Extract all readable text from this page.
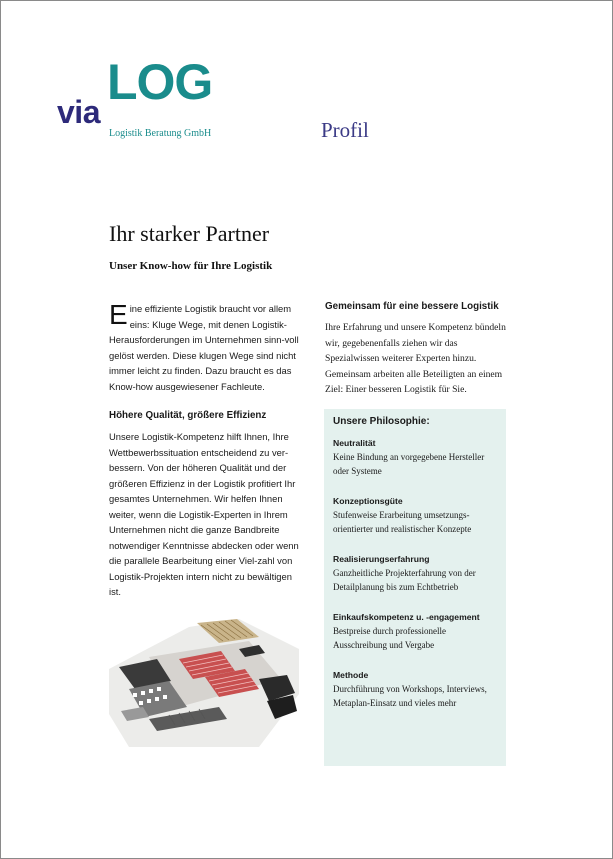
LOG
via
Logistik Beratung GmbH	Profil
Ihr starker Partner
Unser Know-how für Ihre Logistik

Eine effiziente Logistik braucht vor allem eins: Kluge Wege, mit denen Logistik-Herausforderungen im Unternehmen sinn-voll gelöst werden. Diese klugen Wege sind nicht immer leicht zu finden. Dazu braucht es das Know-how ausgewiesener Fachleute.

Höhere Qualität, größere Effizienz

Unsere Logistik-Kompetenz hilft Ihnen, Ihre Wettbewerbssituation entscheidend zu ver-bessern. Von der höheren Qualität und der größeren Effizienz in der Logistik profitiert Ihr gesamtes Unternehmen. Wir helfen Ihnen weiter, wenn die Logistik-Experten in Ihrem Unternehmen nicht die ganze Bandbreite notwendiger Kenntnisse abdecken oder wenn die parallele Bearbeitung einer Viel-zahl von Logistik-Projekten intern nicht zu bewältigen ist.

Gemeinsam für eine bessere Logistik

Ihre Erfahrung und unsere Kompetenz bündeln wir, gegebenenfalls ziehen wir das Spezialwissen weiterer Experten hinzu.

Gemeinsam arbeiten alle Beteiligten an einem Ziel: Einer besseren Logistik für Sie.

Unsere Philosophie:

Neutralität

Keine Bindung an vorgegebene Hersteller oder Systeme

Konzeptionsgüte

Stufenweise Erarbeitung umsetzungs-orientierter und realistischer Konzepte

Realisierungserfahrung

Ganzheitliche Projekterfahrung von der Detailplanung bis zum Echtbetrieb

Einkaufskompetenz u. -engagement

Bestpreise durch professionelle Ausschreibung und Vergabe

Methode

Durchführung von Workshops, Interviews, Metaplan-Einsatz und vieles mehr
